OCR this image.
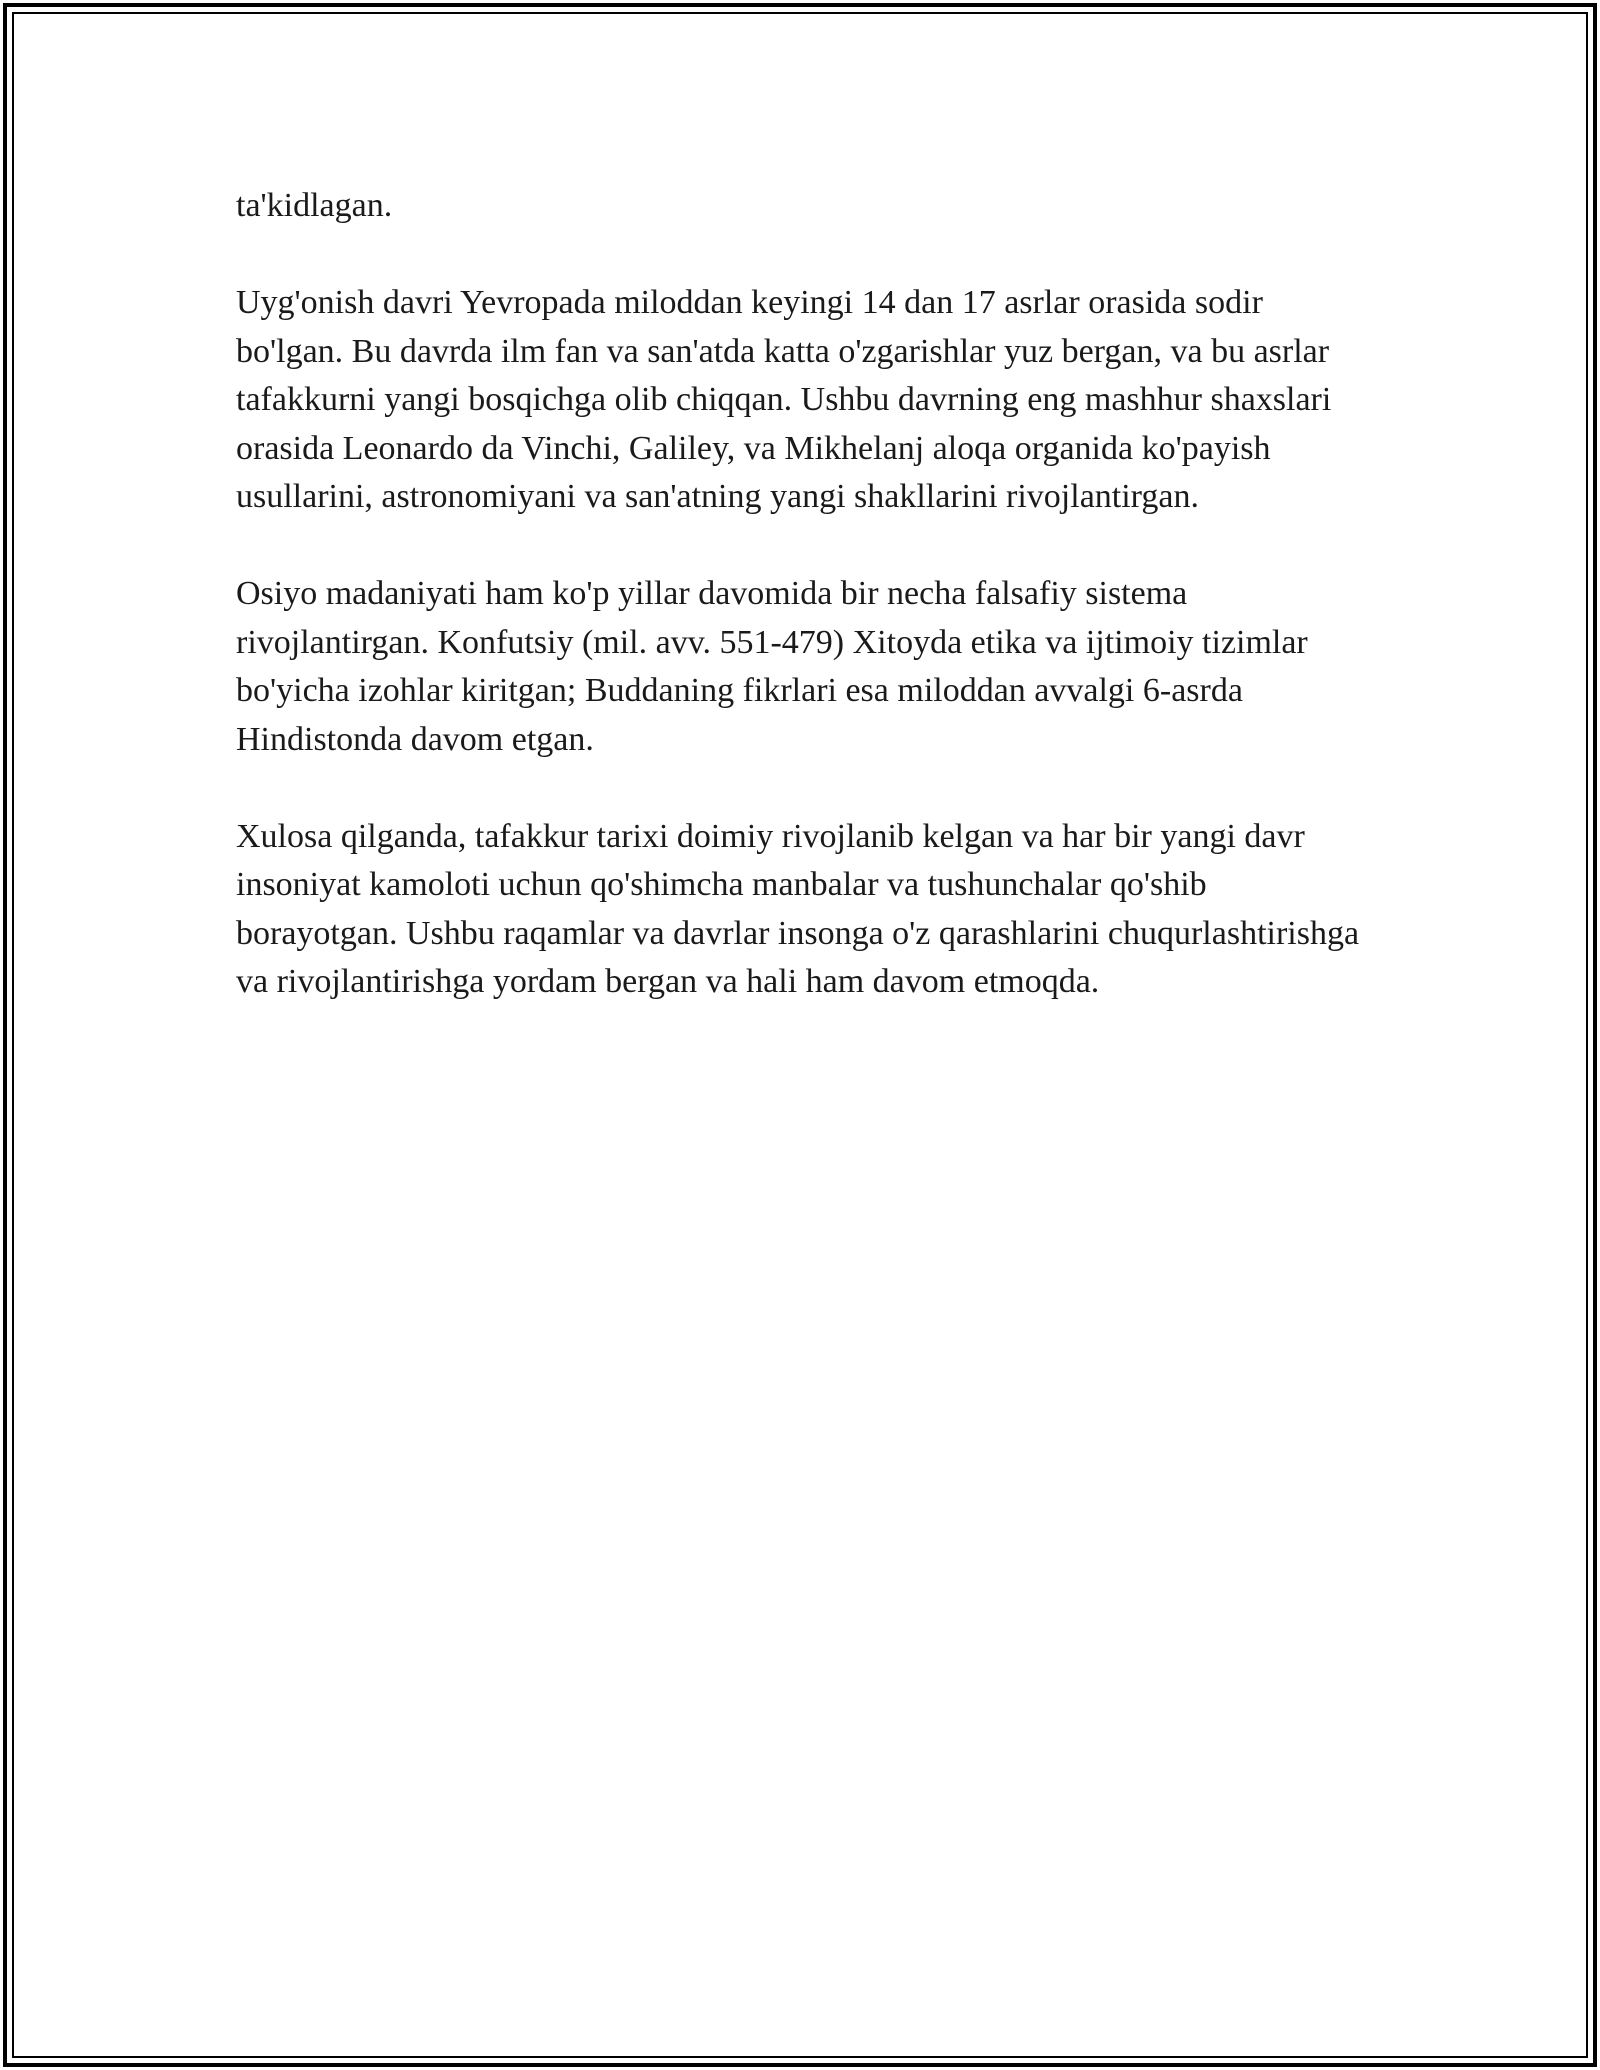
ta'kidlagan.

Uyg'onish davri Yevropada miloddan keyingi 14 dan 17 asrlar orasida sodir bo'lgan. Bu davrda ilm fan va san'atda katta o'zgarishlar yuz bergan, va bu asrlar tafakkurni yangi bosqichga olib chiqqan. Ushbu davrning eng mashhur shaxslari orasida Leonardo da Vinchi, Galiley, va Mikhelanj aloqa organida ko'payish usullarini, astronomiyani va san'atning yangi shakllarini rivojlantirgan.

Osiyo madaniyati ham ko'p yillar davomida bir necha falsafiy sistema rivojlantirgan. Konfutsiy (mil. avv. 551-479) Xitoyda etika va ijtimoiy tizimlar bo'yicha izohlar kiritgan; Buddaning fikrlari esa miloddan avvalgi 6-asrda Hindistonda davom etgan.

Xulosa qilganda, tafakkur tarixi doimiy rivojlanib kelgan va har bir yangi davr insoniyat kamoloti uchun qo'shimcha manbalar va tushunchalar qo'shib borayotgan. Ushbu raqamlar va davrlar insonga o'z qarashlarini chuqurlashtirishga va rivojlantirishga yordam bergan va hali ham davom etmoqda.
